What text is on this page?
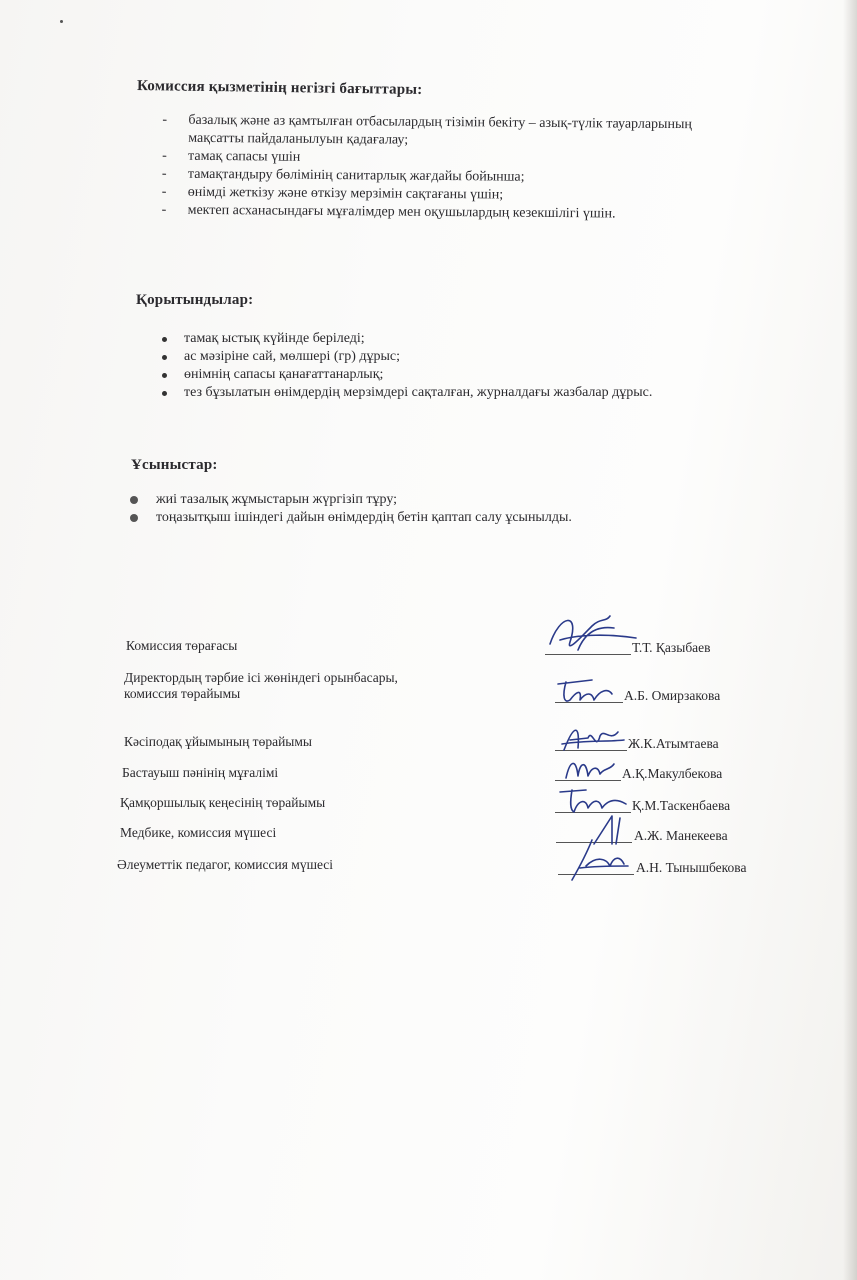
Комиссия қызметінің негізгі бағыттары:
- базалық және аз қамтылған отбасылардың тізімін бекіту – азық-түлік тауарларының мақсатты пайдаланылуын қадағалау;
- тамақ сапасы үшін
- тамақтандыру бөлімінің санитарлық жағдайы бойынша;
- өнімді жеткізу және өткізу мерзімін сақтағаны үшін;
- мектеп асханасындағы мұғалімдер мен оқушылардың кезекшілігі үшін.
Қорытындылар:
тамақ ыстық күйінде беріледі;
ас мәзіріне сай, мөлшері (гр) дұрыс;
өнімнің сапасы қанағаттанарлық;
тез бұзылатын өнімдердің мерзімдері сақталған, журналдағы жазбалар дұрыс.
Ұсыныстар:
жиі тазалық жұмыстарын жүргізіп тұру;
тоңазытқыш ішіндегі дайын өнімдердің бетін қаптап салу ұсынылды.
Комиссия төрағасы	Т.Т. Қазыбаев
Директордың тәрбие ісі жөніндегі орынбасары,
комиссия төрайымы	А.Б. Омирзакова
Кәсіподақ ұйымының төрайымы	Ж.К.Атымтаева
Бастауыш пәнінің мұғалімі	А.Қ.Макулбекова
Қамқоршылық кеңесінің төрайымы	Қ.М.Таскенбаева
Медбике, комиссия мүшесі	А.Ж. Манекеева
Әлеуметтік педагог, комиссия мүшесі	А.Н. Тынышбекова
